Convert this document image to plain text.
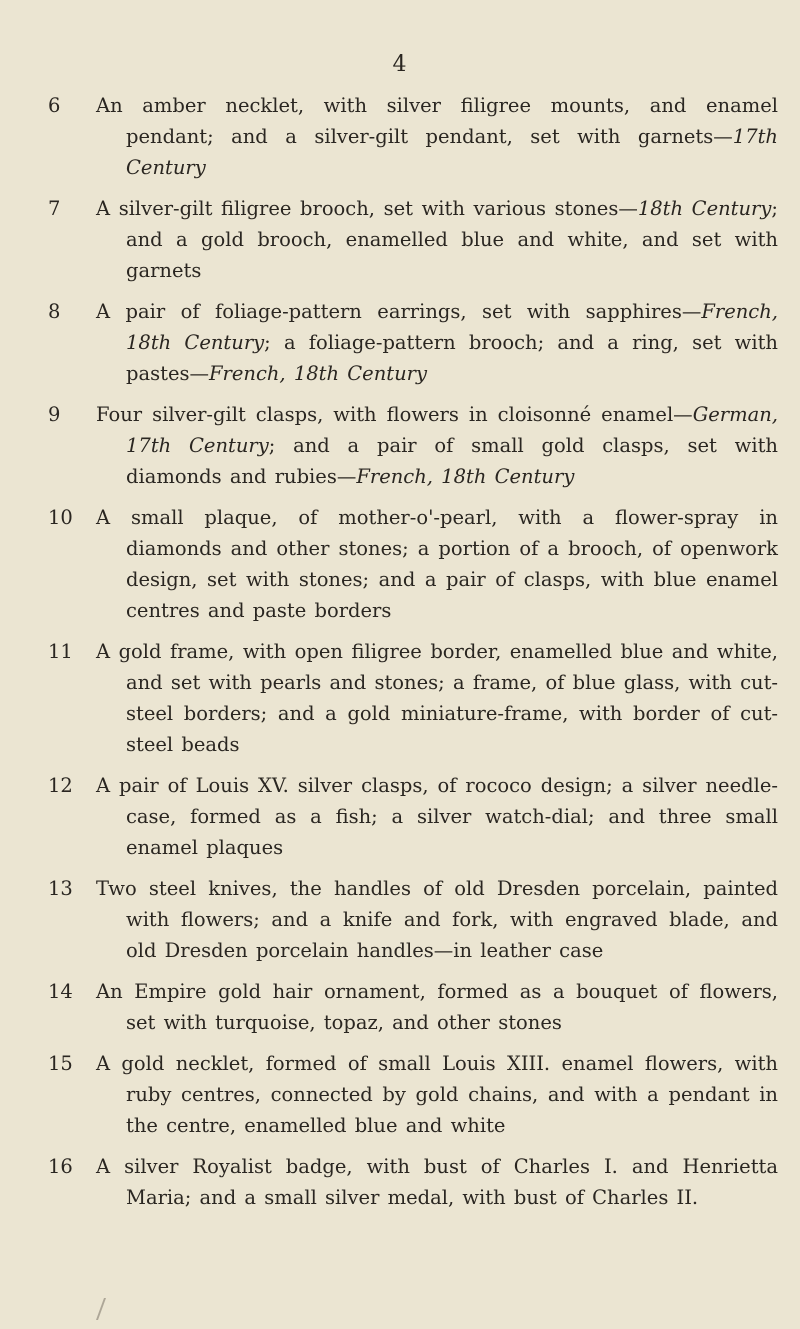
4
6	An amber necklet, with silver filigree mounts, and enamel pendant; and a silver-gilt pendant, set with garnets—17th Century
7	A silver-gilt filigree brooch, set with various stones—18th Century; and a gold brooch, enamelled blue and white, and set with garnets
8	A pair of foliage-pattern earrings, set with sapphires—French, 18th Century; a foliage-pattern brooch; and a ring, set with pastes—French, 18th Century
9	Four silver-gilt clasps, with flowers in cloisonné enamel—German, 17th Century; and a pair of small gold clasps, set with diamonds and rubies—French, 18th Century
10	A small plaque, of mother-o'-pearl, with a flower-spray in diamonds and other stones; a portion of a brooch, of openwork design, set with stones; and a pair of clasps, with blue enamel centres and paste borders
11	A gold frame, with open filigree border, enamelled blue and white, and set with pearls and stones; a frame, of blue glass, with cut-steel borders; and a gold miniature-frame, with border of cut-steel beads
12	A pair of Louis XV. silver clasps, of rococo design; a silver needle-case, formed as a fish; a silver watch-dial; and three small enamel plaques
13	Two steel knives, the handles of old Dresden porcelain, painted with flowers; and a knife and fork, with engraved blade, and old Dresden porcelain handles—in leather case
14	An Empire gold hair ornament, formed as a bouquet of flowers, set with turquoise, topaz, and other stones
15	A gold necklet, formed of small Louis XIII. enamel flowers, with ruby centres, connected by gold chains, and with a pendant in the centre, enamelled blue and white
16	A silver Royalist badge, with bust of Charles I. and Henrietta Maria; and a small silver medal, with bust of Charles II.
